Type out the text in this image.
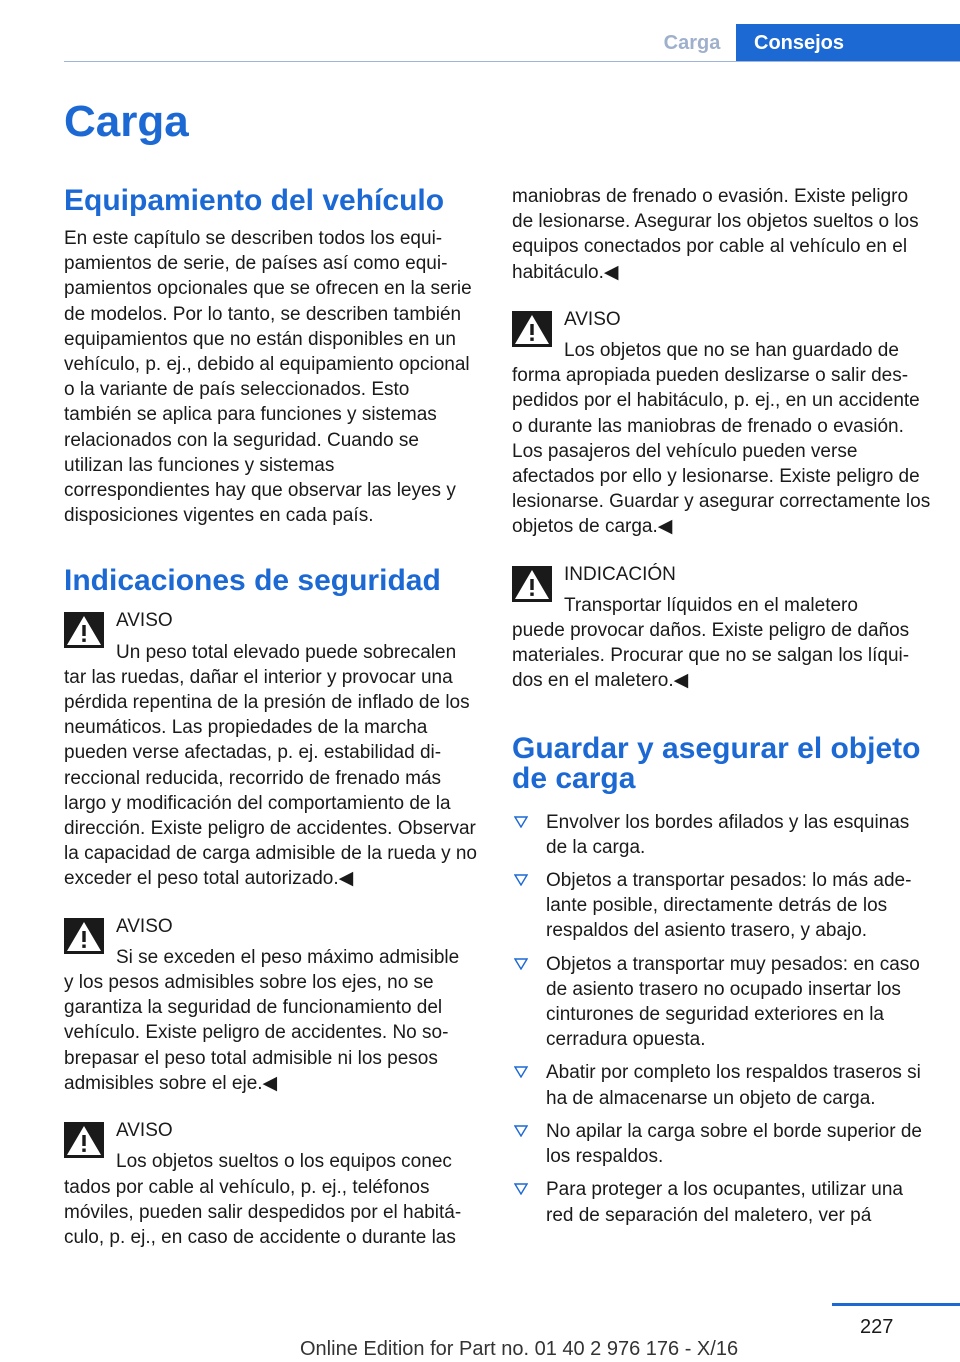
Carga	Consejos
Carga
Equipamiento del vehículo

En este capítulo se describen todos los equipamientos de serie, de países así como equipamientos opcionales que se ofrecen en la serie de modelos. Por lo tanto, se describen también equipamientos que no están disponibles en un vehículo, p. ej., debido al equipamiento opcional o la variante de país seleccionados. Esto también se aplica para funciones y sistemas relacionados con la seguridad. Cuando se utilizan las funciones y sistemas correspondientes hay que observar las leyes y disposiciones vigentes en cada país.

Indicaciones de seguridad
AVISO

Un peso total elevado puede sobrecalen
tar las ruedas, dañar el interior y provocar una pérdida repentina de la presión de inflado de los neumáticos. Las propiedades de la marcha pueden verse afectadas, p. ej. estabilidad direccional reducida, recorrido de frenado más largo y modificación del comportamiento de la dirección. Existe peligro de accidentes. Observar la capacidad de carga admisible de la rueda y no exceder el peso total autorizado.◀

AVISO

Si se exceden el peso máximo admisible
y los pesos admisibles sobre los ejes, no se garantiza la seguridad de funcionamiento del vehículo. Existe peligro de accidentes. No sobrepasar el peso total admisible ni los pesos admisibles sobre el eje.◀

AVISO

Los objetos sueltos o los equipos conec
tados por cable al vehículo, p. ej., teléfonos móviles, pueden salir despedidos por el habitáculo, p. ej., en caso de accidente o durante las

maniobras de frenado o evasión. Existe peligro de lesionarse. Asegurar los objetos sueltos o los equipos conectados por cable al vehículo en el habitáculo.◀

AVISO

Los objetos que no se han guardado de
forma apropiada pueden deslizarse o salir despedidos por el habitáculo, p. ej., en un accidente o durante las maniobras de frenado o evasión. Los pasajeros del vehículo pueden verse afectados por ello y lesionarse. Existe peligro de lesionarse. Guardar y asegurar correctamente los objetos de carga.◀

INDICACIÓN

Transportar líquidos en el maletero
puede provocar daños. Existe peligro de daños materiales. Procurar que no se salgan los líquidos en el maletero.◀

Guardar y asegurar el objeto de carga
Envolver los bordes afilados y las esquinas de la carga.
Objetos a transportar pesados: lo más adelante posible, directamente detrás de los respaldos del asiento trasero, y abajo.
Objetos a transportar muy pesados: en caso de asiento trasero no ocupado insertar los cinturones de seguridad exteriores en la cerradura opuesta.
Abatir por completo los respaldos traseros si ha de almacenarse un objeto de carga.
No apilar la carga sobre el borde superior de los respaldos.
Para proteger a los ocupantes, utilizar una red de separación del maletero, ver pá
227
Online Edition for Part no. 01 40 2 976 176 - X/16
